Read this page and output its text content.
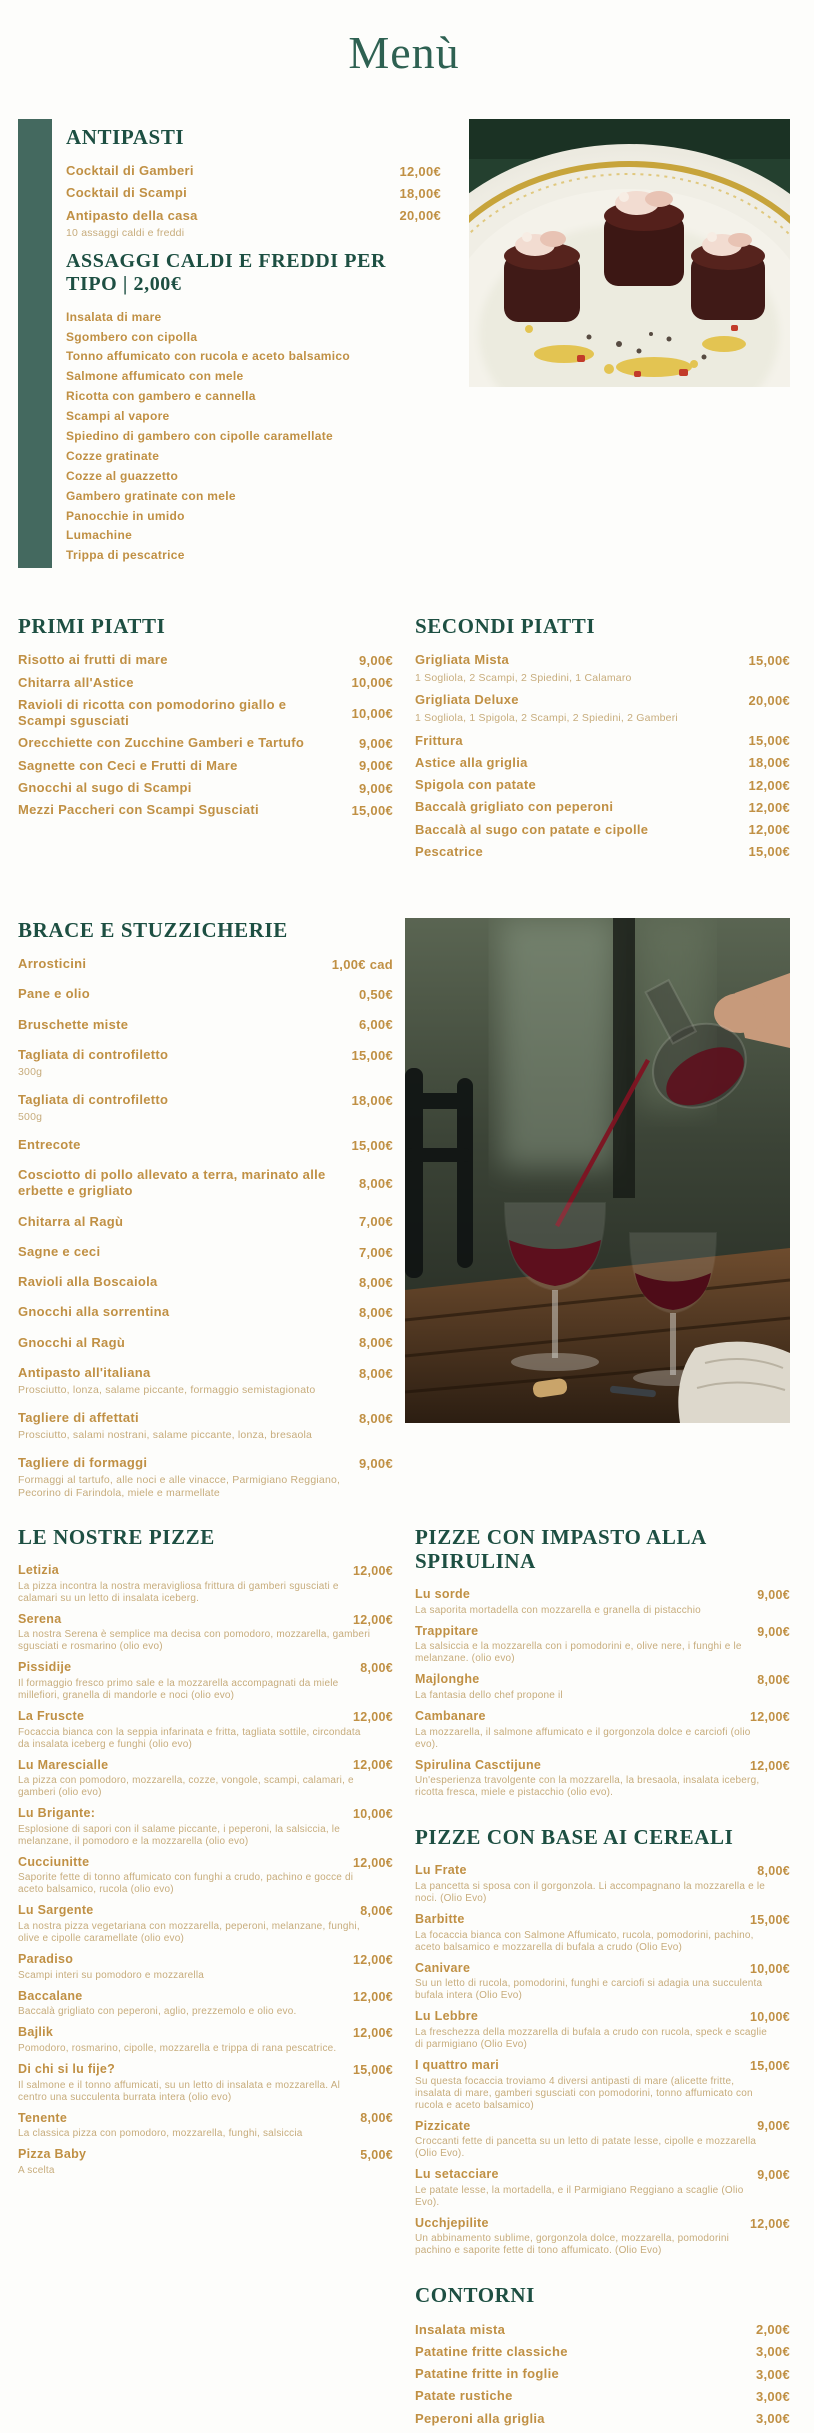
Menù
ANTIPASTI
Cocktail di Gamberi	12,00€
Cocktail di Scampi	18,00€
Antipasto della casa	20,00€
10 assaggi caldi e freddi
ASSAGGI CALDI E FREDDI PER TIPO | 2,00€
Insalata di mare
Sgombero con cipolla
Tonno affumicato con rucola e aceto balsamico
Salmone affumicato con mele
Ricotta con gambero e cannella
Scampi al vapore
Spiedino di gambero con cipolle caramellate
Cozze gratinate
Cozze al guazzetto
Gambero gratinate con mele
Panocchie in umido
Lumachine
Trippa di pescatrice
PRIMI PIATTI
Risotto ai frutti di mare	9,00€
Chitarra all'Astice	10,00€
Ravioli di ricotta con pomodorino giallo e Scampi sgusciati	10,00€
Orecchiette con Zucchine Gamberi e Tartufo	9,00€
Sagnette con Ceci e Frutti di Mare	9,00€
Gnocchi al sugo di Scampi	9,00€
Mezzi Paccheri con Scampi Sgusciati	15,00€
SECONDI PIATTI
Grigliata Mista	15,00€
1 Sogliola, 2 Scampi, 2 Spiedini, 1 Calamaro
Grigliata Deluxe	20,00€
1 Sogliola, 1 Spigola, 2 Scampi, 2 Spiedini, 2 Gamberi
Frittura	15,00€
Astice alla griglia	18,00€
Spigola con patate	12,00€
Baccalà grigliato con peperoni	12,00€
Baccalà al sugo con patate e cipolle	12,00€
Pescatrice	15,00€
BRACE E STUZZICHERIE
Arrosticini	1,00€ cad
Pane e olio	0,50€
Bruschette miste	6,00€
Tagliata di controfiletto	15,00€
300g
Tagliata di controfiletto	18,00€
500g
Entrecote	15,00€
Cosciotto di pollo allevato a terra, marinato alle erbette e grigliato	8,00€
Chitarra al Ragù	7,00€
Sagne e ceci	7,00€
Ravioli alla Boscaiola	8,00€
Gnocchi alla sorrentina	8,00€
Gnocchi al Ragù	8,00€
Antipasto all'italiana	8,00€
Prosciutto, lonza, salame piccante, formaggio semistagionato
Tagliere di affettati	8,00€
Prosciutto, salami nostrani, salame piccante, lonza, bresaola
Tagliere di formaggi	9,00€
Formaggi al tartufo, alle noci e alle vinacce, Parmigiano Reggiano, Pecorino di Farindola, miele e marmellate
LE NOSTRE PIZZE
Letizia	12,00€
La pizza incontra la nostra meravigliosa frittura di gamberi sgusciati e calamari su un letto di insalata iceberg.
Serena	12,00€
La nostra Serena è semplice ma decisa con pomodoro, mozzarella, gamberi sgusciati e rosmarino (olio evo)
Pissidije	8,00€
Il formaggio fresco primo sale e la mozzarella accompagnati da miele millefiori, granella di mandorle e noci (olio evo)
La Fruscte	12,00€
Focaccia bianca con la seppia infarinata e fritta, tagliata sottile, circondata da insalata iceberg e funghi (olio evo)
Lu Marescialle	12,00€
La pizza con pomodoro, mozzarella, cozze, vongole, scampi, calamari, e gamberi (olio evo)
Lu Brigante:	10,00€
Esplosione di sapori con il salame piccante, i peperoni, la salsiccia, le melanzane, il pomodoro e la mozzarella (olio evo)
Cucciunitte	12,00€
Saporite fette di tonno affumicato con funghi a crudo, pachino e gocce di aceto balsamico, rucola (olio evo)
Lu Sargente	8,00€
La nostra pizza vegetariana con mozzarella, peperoni, melanzane, funghi, olive e cipolle caramellate (olio evo)
Paradiso	12,00€
Scampi interi su pomodoro e mozzarella
Baccalane	12,00€
Baccalà grigliato con peperoni, aglio, prezzemolo e olio evo.
Bajlik	12,00€
Pomodoro, rosmarino, cipolle, mozzarella e trippa di rana pescatrice.
Di chi si lu fije?	15,00€
Il salmone e il tonno affumicati, su un letto di insalata e mozzarella. Al centro una succulenta burrata intera (olio evo)
Tenente	8,00€
La classica pizza con pomodoro, mozzarella, funghi, salsiccia
Pizza Baby	5,00€
A scelta
PIZZE CON IMPASTO ALLA SPIRULINA
Lu sorde	9,00€
La saporita mortadella con mozzarella e granella di pistacchio
Trappitare	9,00€
La salsiccia e la mozzarella con i pomodorini e, olive nere, i funghi e le melanzane. (olio evo)
Majlonghe	8,00€
La fantasia dello chef propone il
Cambanare	12,00€
La mozzarella, il salmone affumicato e il gorgonzola dolce e carciofi (olio evo).
Spirulina Casctijune	12,00€
Un'esperienza travolgente con la mozzarella, la bresaola, insalata iceberg, ricotta fresca, miele e pistacchio (olio evo).
PIZZE CON BASE AI CEREALI
Lu Frate	8,00€
La pancetta si sposa con il gorgonzola. Li accompagnano la mozzarella e le noci. (Olio Evo)
Barbitte	15,00€
La focaccia bianca con Salmone Affumicato, rucola, pomodorini, pachino, aceto balsamico e mozzarella di bufala a crudo (Olio Evo)
Canivare	10,00€
Su un letto di rucola, pomodorini, funghi e carciofi si adagia una succulenta bufala intera (Olio Evo)
Lu Lebbre	10,00€
La freschezza della mozzarella di bufala a crudo con rucola, speck e scaglie di parmigiano (Olio Evo)
I quattro mari	15,00€
Su questa focaccia troviamo 4 diversi antipasti di mare (alicette fritte, insalata di mare, gamberi sgusciati con pomodorini, tonno affumicato con rucola e aceto balsamico)
Pizzicate	9,00€
Croccanti fette di pancetta su un letto di patate lesse, cipolle e mozzarella (Olio Evo).
Lu setacciare	9,00€
Le patate lesse, la mortadella, e il Parmigiano Reggiano a scaglie (Olio Evo).
Ucchjepilite	12,00€
Un abbinamento sublime, gorgonzola dolce, mozzarella, pomodorini pachino e saporite fette di tono affumicato. (Olio Evo)
CONTORNI
Insalata mista	2,00€
Patatine fritte classiche	3,00€
Patatine fritte in foglie	3,00€
Patate rustiche	3,00€
Peperoni alla griglia	3,00€
